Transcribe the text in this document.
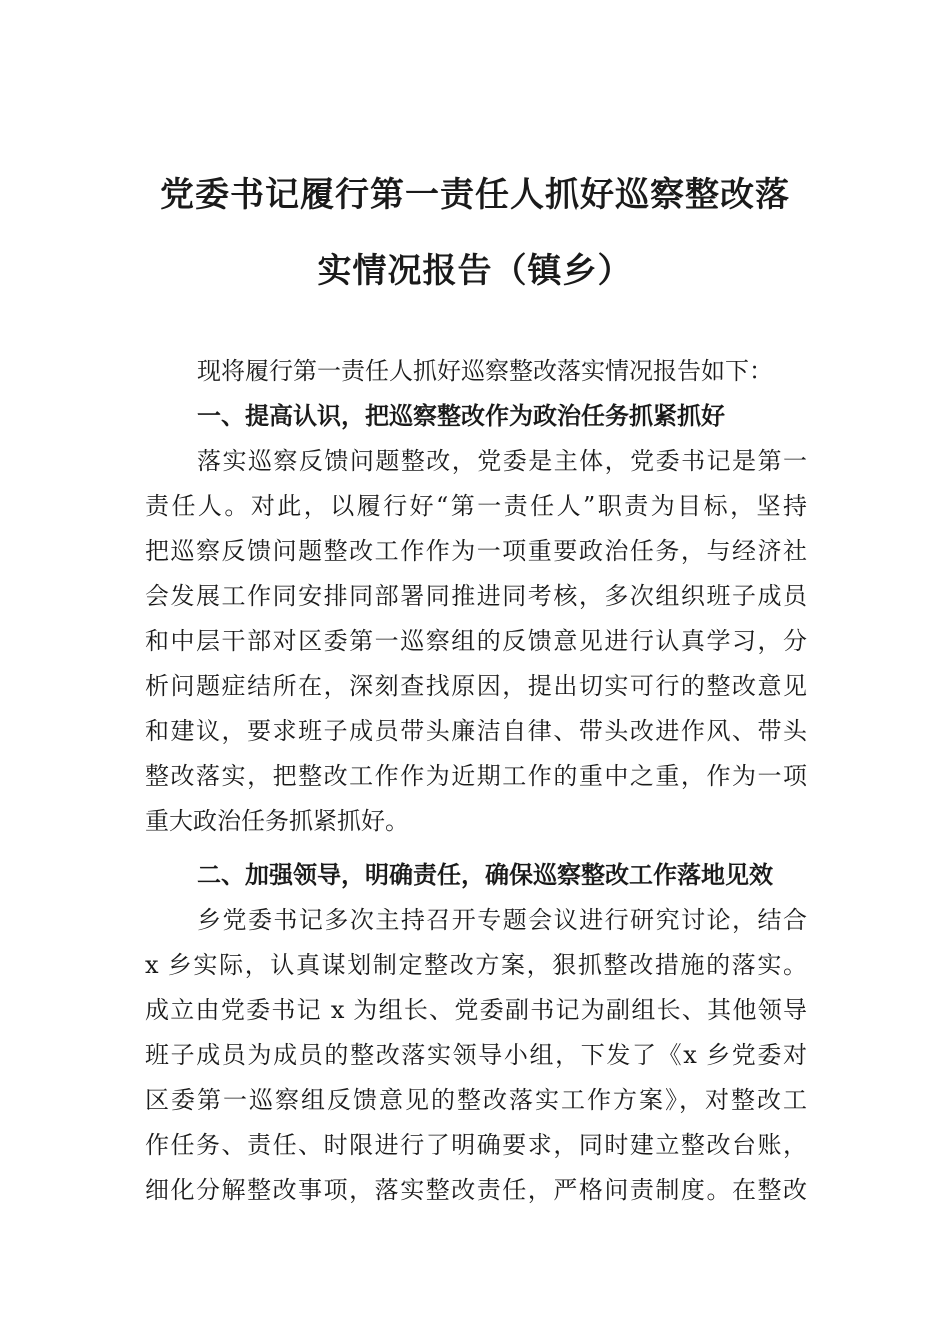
党委书记履行第一责任人抓好巡察整改落
实情况报告（镇乡）
现将履行第一责任人抓好巡察整改落实情况报告如下：
一、提高认识，把巡察整改作为政治任务抓紧抓好
落实巡察反馈问题整改，党委是主体，党委书记是第一
责任人。对此，以履行好“第一责任人”职责为目标，坚持
把巡察反馈问题整改工作作为一项重要政治任务，与经济社
会发展工作同安排同部署同推进同考核，多次组织班子成员
和中层干部对区委第一巡察组的反馈意见进行认真学习，分
析问题症结所在，深刻查找原因，提出切实可行的整改意见
和建议，要求班子成员带头廉洁自律、带头改进作风、带头
整改落实，把整改工作作为近期工作的重中之重，作为一项
重大政治任务抓紧抓好。
二、加强领导，明确责任，确保巡察整改工作落地见效
乡党委书记多次主持召开专题会议进行研究讨论，结合
x 乡实际，认真谋划制定整改方案，狠抓整改措施的落实。
成立由党委书记 x 为组长、党委副书记为副组长、其他领导
班子成员为成员的整改落实领导小组，下发了《x 乡党委对
区委第一巡察组反馈意见的整改落实工作方案》，对整改工
作任务、责任、时限进行了明确要求，同时建立整改台账，
细化分解整改事项，落实整改责任，严格问责制度。在整改
